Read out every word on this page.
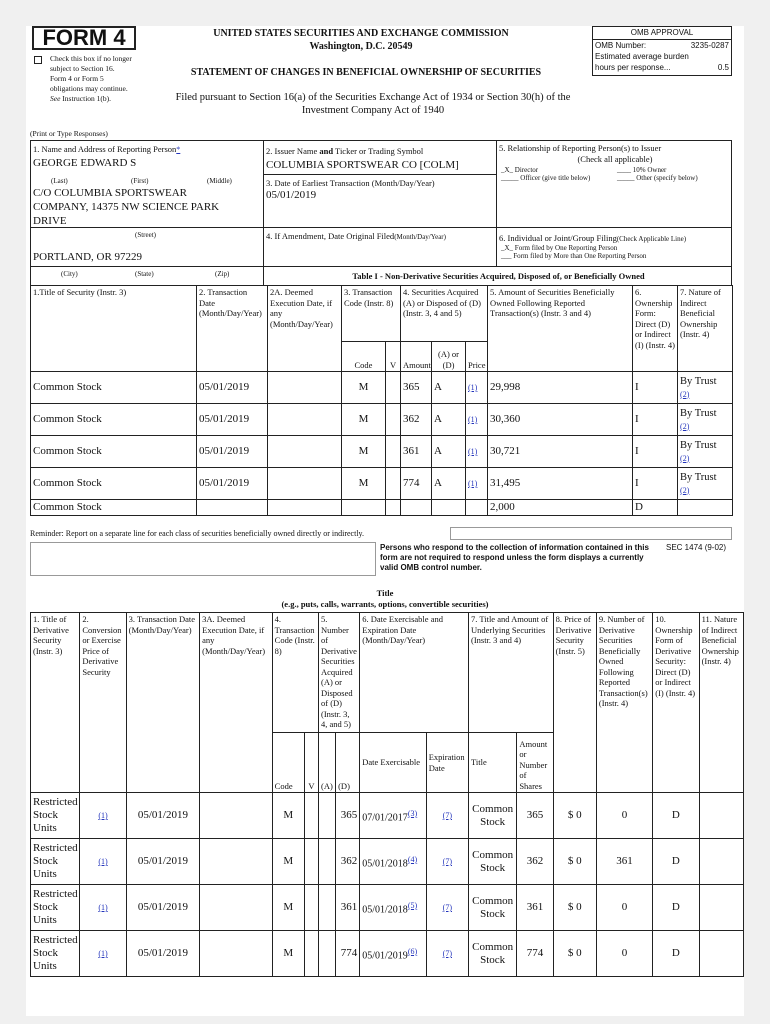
FORM 4
Check this box if no longer subject to Section 16. Form 4 or Form 5 obligations may continue. See Instruction 1(b).
UNITED STATES SECURITIES AND EXCHANGE COMMISSION
Washington, D.C. 20549
STATEMENT OF CHANGES IN BENEFICIAL OWNERSHIP OF SECURITIES
Filed pursuant to Section 16(a) of the Securities Exchange Act of 1934 or Section 30(h) of the
Investment Company Act of 1940
OMB APPROVAL
OMB Number:	3235-0287
Estimated average burden
hours per response...	0.5
(Print or Type Responses)
1. Name and Address of Reporting Person*
GEORGE EDWARD S
(Last)	(First)	(Middle)
C/O COLUMBIA SPORTSWEAR
COMPANY, 14375 NW SCIENCE PARK
DRIVE
(Street)
PORTLAND, OR 97229
(City)	(State)	(Zip)
2. Issuer Name and Ticker or Trading Symbol
COLUMBIA SPORTSWEAR CO [COLM]
3. Date of Earliest Transaction (Month/Day/Year)
05/01/2019
4. If Amendment, Date Original Filed(Month/Day/Year)
5. Relationship of Reporting Person(s) to Issuer
(Check all applicable)
_X_ Director	____ 10% Owner
_____ Officer (give title below)	_____ Other (specify below)
6. Individual or Joint/Group Filing(Check Applicable Line)
_X_ Form filed by One Reporting Person
___ Form filed by More than One Reporting Person
Table I - Non-Derivative Securities Acquired, Disposed of, or Beneficially Owned
1.Title of Security (Instr. 3)	2. Transaction Date (Month/Day/Year)	2A. Deemed Execution Date, if any (Month/Day/Year)	3. Transaction Code (Instr. 8)		4. Securities Acquired (A) or Disposed of (D) (Instr. 3, 4 and 5)			5. Amount of Securities Beneficially Owned Following Reported Transaction(s) (Instr. 3 and 4)	6. Ownership Form: Direct (D) or Indirect (I) (Instr. 4)	7. Nature of Indirect Beneficial Ownership (Instr. 4)
			Code	V	Amount	(A) or (D)	Price			
Common Stock	05/01/2019		M		365	A	(1)	29,998	I	By Trust
(2)

Common Stock	05/01/2019		M		362	A	(1)	30,360	I	By Trust
(2)

Common Stock	05/01/2019		M		361	A	(1)	30,721	I	By Trust
(2)

Common Stock	05/01/2019		M		774	A	(1)	31,495	I	By Trust
(2)

Common Stock								2,000	D	
Reminder: Report on a separate line for each class of securities beneficially owned directly or indirectly.
Persons who respond to the collection of information contained in this form are not required to respond unless the form displays a currently valid OMB control number.
SEC 1474 (9-02)
Title
(e.g., puts, calls, warrants, options, convertible securities)
1. Title of Derivative Security (Instr. 3)	2. Conversion or Exercise Price of Derivative Security	3. Transaction Date (Month/Day/Year)	3A. Deemed Execution Date, if any (Month/Day/Year)	4. Transaction Code (Instr. 8)		5. Number of Derivative Securities Acquired (A) or Disposed of (D) (Instr. 3, 4, and 5)		6. Date Exercisable and Expiration Date (Month/Day/Year)		7. Title and Amount of Underlying Securities (Instr. 3 and 4)		8. Price of Derivative Security (Instr. 5)	9. Number of Derivative Securities Beneficially Owned Following Reported Transaction(s) (Instr. 4)	10. Ownership Form of Derivative Security: Direct (D) or Indirect (I) (Instr. 4)	11. Nature of Indirect Beneficial Ownership (Instr. 4)
				Code	V	(A)	(D)	Date Exercisable	Expiration Date	Title	Amount or Number of Shares				
Restricted Stock Units	(1)	05/01/2019		M			365	07/01/2017$^{(3)}$	(7)	Common Stock	365	$ 0	0	D	
Restricted Stock Units	(1)	05/01/2019		M			362	05/01/2018$^{(4)}$	(7)	Common Stock	362	$ 0	361	D	
Restricted Stock Units	(1)	05/01/2019		M			361	05/01/2018$^{(5)}$	(7)	Common Stock	361	$ 0	0	D	
Restricted Stock Units	(1)	05/01/2019		M			774	05/01/2019$^{(6)}$	(7)	Common Stock	774	$ 0	0	D	
